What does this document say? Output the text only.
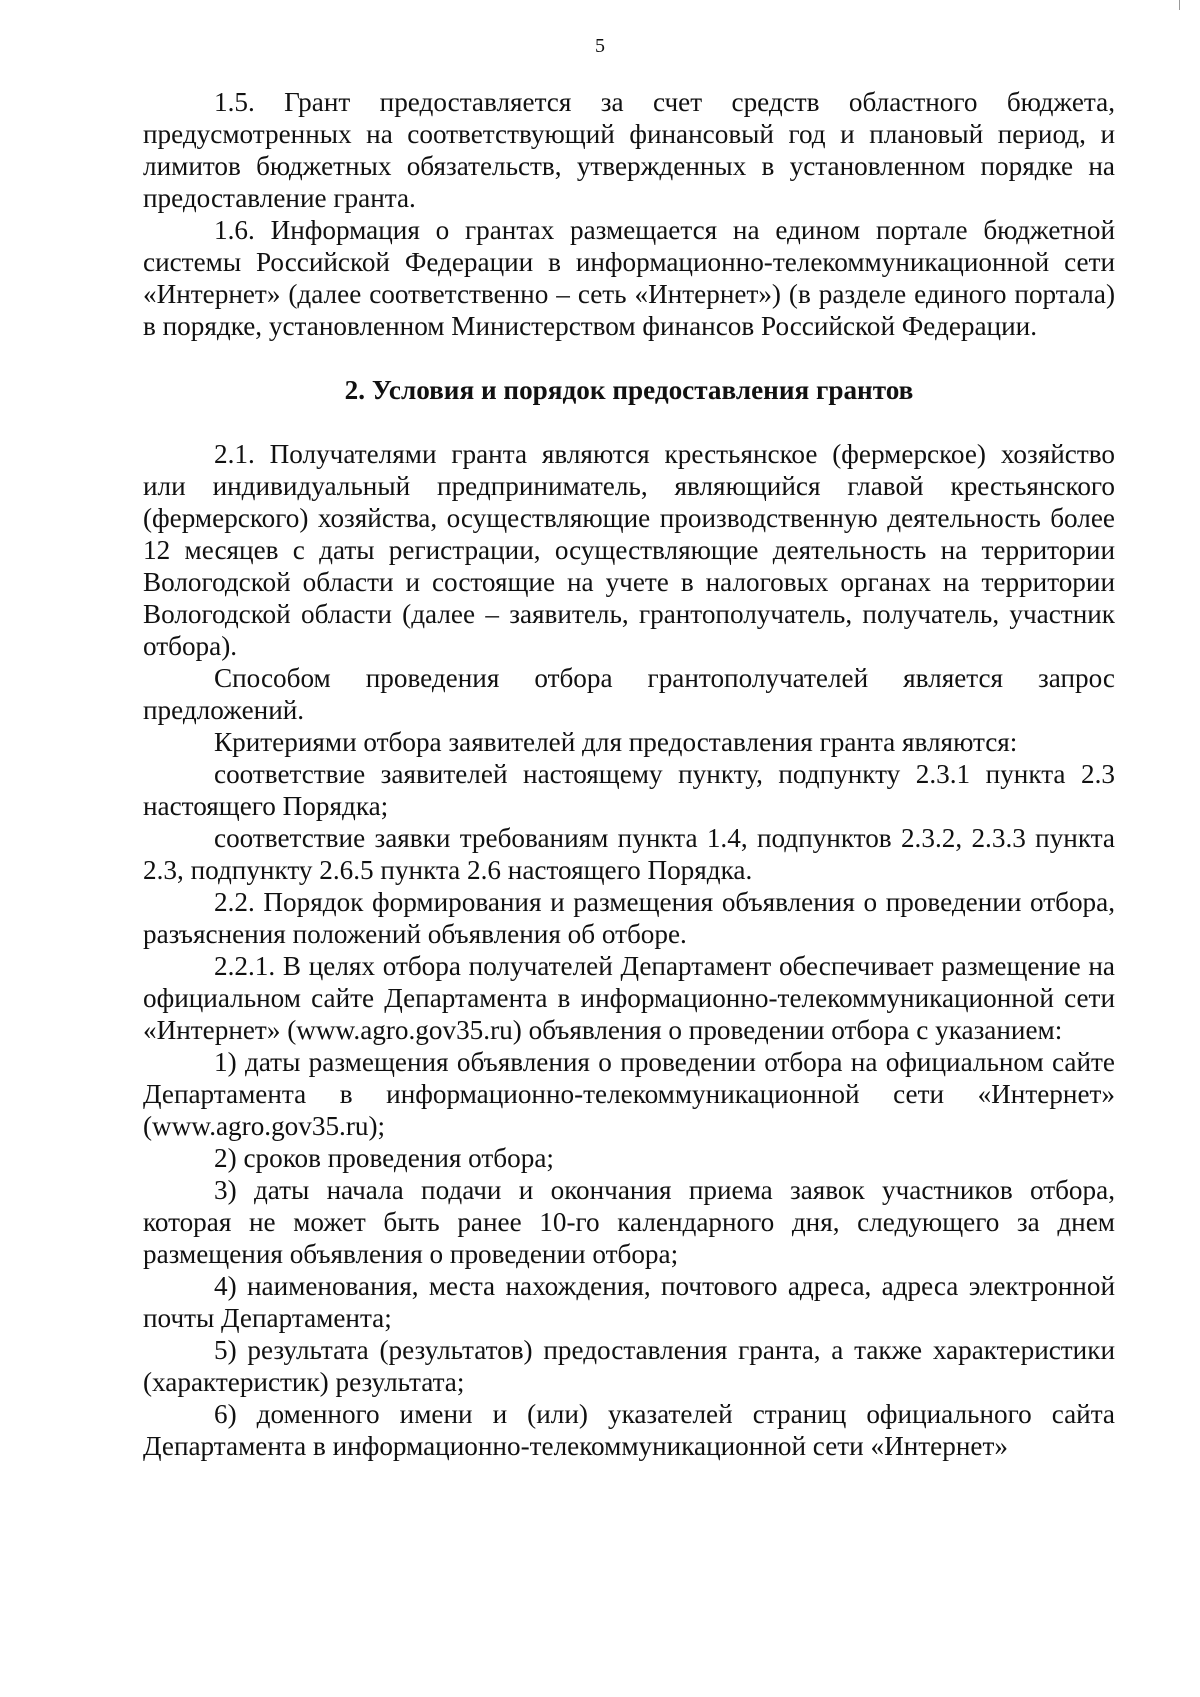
5

1.5. Грант предоставляется за счет средств областного бюджета, предусмотренных на соответствующий финансовый год и плановый период, и лимитов бюджетных обязательств, утвержденных в установленном порядке на предоставление гранта.

1.6. Информация о грантах размещается на едином портале бюджетной системы Российской Федерации в информационно-телекоммуникационной сети «Интернет» (далее соответственно – сеть «Интернет») (в разделе единого портала) в порядке, установленном Министерством финансов Российской Федерации.

2. Условия и порядок предоставления грантов

2.1. Получателями гранта являются крестьянское (фермерское) хозяйство или индивидуальный предприниматель, являющийся главой крестьянского (фермерского) хозяйства, осуществляющие производственную деятельность более 12 месяцев с даты регистрации, осуществляющие деятельность на территории Вологодской области и состоящие на учете в налоговых органах на территории Вологодской области (далее – заявитель, грантополучатель, получатель, участник отбора).

Способом проведения отбора грантополучателей является запрос предложений.

Критериями отбора заявителей для предоставления гранта являются:

соответствие заявителей настоящему пункту, подпункту 2.3.1 пункта 2.3 настоящего Порядка;

соответствие заявки требованиям пункта 1.4, подпунктов 2.3.2, 2.3.3 пункта 2.3, подпункту 2.6.5 пункта 2.6 настоящего Порядка.

2.2. Порядок формирования и размещения объявления о проведении отбора, разъяснения положений объявления об отборе.

2.2.1. В целях отбора получателей Департамент обеспечивает размещение на официальном сайте Департамента в информационно-телекоммуникационной сети «Интернет» (www.agro.gov35.ru) объявления о проведении отбора с указанием:

1) даты размещения объявления о проведении отбора на официальном сайте Департамента в информационно-телекоммуникационной сети «Интернет» (www.agro.gov35.ru);

2) сроков проведения отбора;

3) даты начала подачи и окончания приема заявок участников отбора, которая не может быть ранее 10-го календарного дня, следующего за днем размещения объявления о проведении отбора;

4) наименования, места нахождения, почтового адреса, адреса электронной почты Департамента;

5) результата (результатов) предоставления гранта, а также характеристики (характеристик) результата;

6) доменного имени и (или) указателей страниц официального сайта Департамента в информационно-телекоммуникационной сети «Интернет»
